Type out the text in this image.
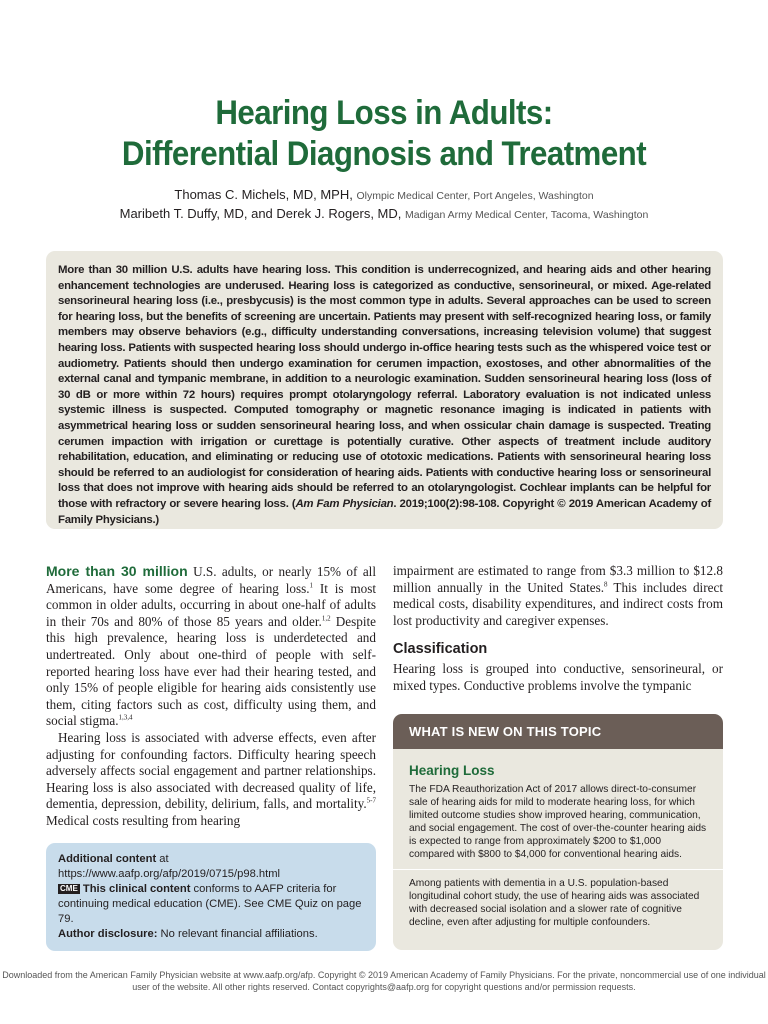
Hearing Loss in Adults:
Differential Diagnosis and Treatment
Thomas C. Michels, MD, MPH, Olympic Medical Center, Port Angeles, Washington
Maribeth T. Duffy, MD, and Derek J. Rogers, MD, Madigan Army Medical Center, Tacoma, Washington

More than 30 million U.S. adults have hearing loss. This condition is underrecognized, and hearing aids and other hearing enhancement technologies are underused. Hearing loss is categorized as conductive, sensorineural, or mixed. Age-related sensorineural hearing loss (i.e., presbycusis) is the most common type in adults. Several approaches can be used to screen for hearing loss, but the benefits of screening are uncertain. Patients may present with self-recognized hearing loss, or family members may observe behaviors (e.g., difficulty understanding conversations, increasing television volume) that suggest hearing loss. Patients with suspected hearing loss should undergo in-office hearing tests such as the whispered voice test or audiometry. Patients should then undergo examination for cerumen impaction, exostoses, and other abnormalities of the external canal and tympanic membrane, in addition to a neurologic examination. Sudden sensorineural hearing loss (loss of 30 dB or more within 72 hours) requires prompt otolaryngology referral. Laboratory evaluation is not indicated unless systemic illness is suspected. Computed tomography or magnetic resonance imaging is indicated in patients with asymmetrical hearing loss or sudden sensorineural hearing loss, and when ossicular chain damage is suspected. Treating cerumen impaction with irrigation or curettage is potentially curative. Other aspects of treatment include auditory rehabilitation, education, and eliminating or reducing use of ototoxic medications. Patients with sensorineural hearing loss should be referred to an audiologist for consideration of hearing aids. Patients with conductive hearing loss or sensorineural loss that does not improve with hearing aids should be referred to an otolaryngologist. Cochlear implants can be helpful for those with refractory or severe hearing loss. (Am Fam Physician. 2019;100(2):98-108. Copyright © 2019 American Academy of Family Physicians.)

More than 30 million U.S. adults, or nearly 15% of all Americans, have some degree of hearing loss.$^1$ It is most common in older adults, occurring in about one-half of adults in their 70s and 80% of those 85 years and older.$^{1,2}$ Despite this high prevalence, hearing loss is underdetected and undertreated. Only about one-third of people with self-reported hearing loss have ever had their hearing tested, and only 15% of people eligible for hearing aids consistently use them, citing factors such as cost, difficulty using them, and social stigma.$^{1,3,4}$

Hearing loss is associated with adverse effects, even after adjusting for confounding factors. Difficulty hearing speech adversely affects social engagement and partner relationships. Hearing loss is also associated with decreased quality of life, dementia, depression, debility, delirium, falls, and mortality.$^{5-7}$ Medical costs resulting from hearing

impairment are estimated to range from $3.3 million to $12.8 million annually in the United States.$^8$ This includes direct medical costs, disability expenditures, and indirect costs from lost productivity and caregiver expenses.

Classification

Hearing loss is grouped into conductive, sensorineural, or mixed types. Conductive problems involve the tympanic

Additional content at https://www.aafp.org/afp/2019/0715/p98.html
CME This clinical content conforms to AAFP criteria for continuing medical education (CME). See CME Quiz on page 79.
Author disclosure: No relevant financial affiliations.
WHAT IS NEW ON THIS TOPIC
Hearing Loss
The FDA Reauthorization Act of 2017 allows direct-to-consumer sale of hearing aids for mild to moderate hearing loss, for which limited outcome studies show improved hearing, communication, and social engagement. The cost of over-the-counter hearing aids is expected to range from approximately $200 to $1,000 compared with $800 to $4,000 for conventional hearing aids.
Among patients with dementia in a U.S. population-based longitudinal cohort study, the use of hearing aids was associated with decreased social isolation and a slower rate of cognitive decline, even after adjusting for multiple confounders.
Downloaded from the American Family Physician website at www.aafp.org/afp. Copyright © 2019 American Academy of Family Physicians. For the private, noncommercial use of one individual user of the website. All other rights reserved. Contact copyrights@aafp.org for copyright questions and/or permission requests.
